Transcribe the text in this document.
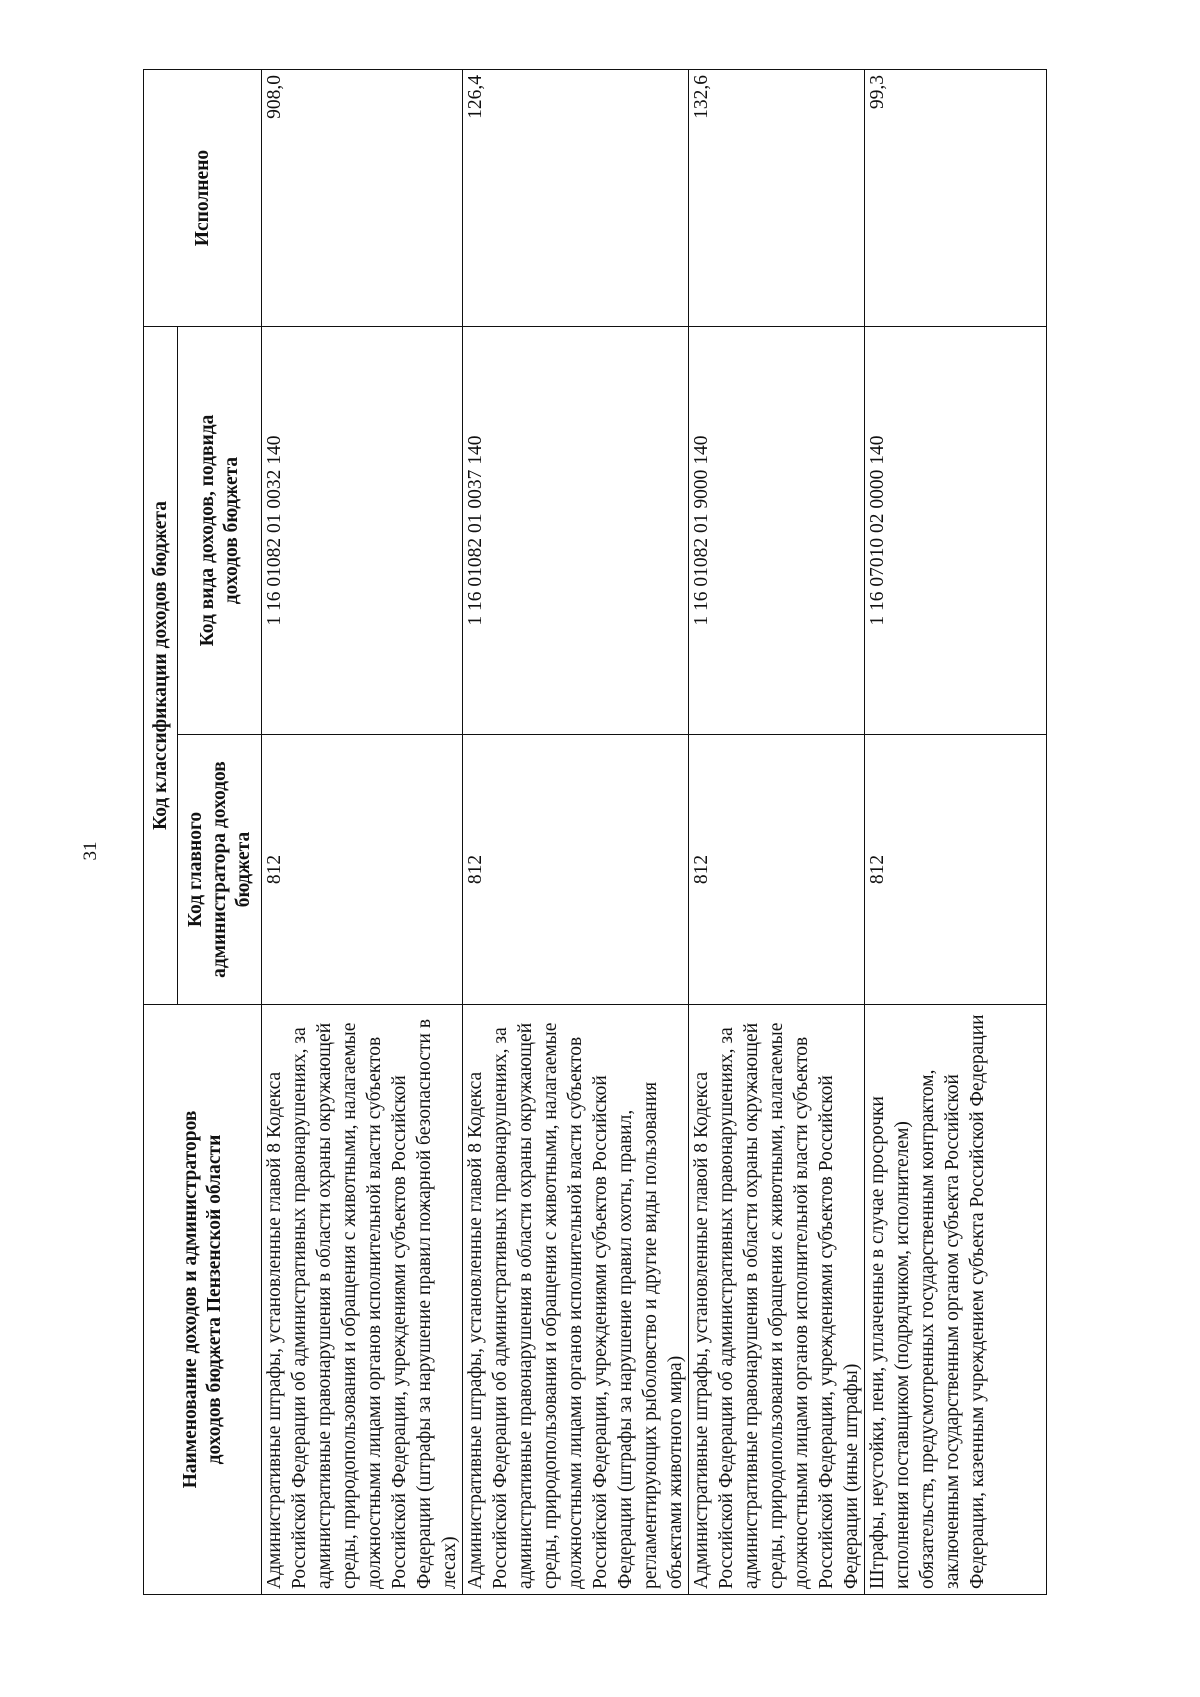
31
Наименование доходов и администраторов доходов бюджета Пензенской области	Код классификации доходов бюджета		Исполнено
	Код главного администратора доходов бюджета	Код вида доходов, подвида доходов бюджета	
Административные штрафы, установленные главой 8 Кодекса Российской Федерации об административных правонарушениях, за административные правонарушения в области охраны окружающей среды, природопользования и обращения с животными, налагаемые должностными лицами органов исполнительной власти субъектов Российской Федерации, учреждениями субъектов Российской Федерации (штрафы за нарушение правил пожарной безопасности в лесах)	812	1 16 01082 01 0032 140	908,0
Административные штрафы, установленные главой 8 Кодекса Российской Федерации об административных правонарушениях, за административные правонарушения в области охраны окружающей среды, природопользования и обращения с животными, налагаемые должностными лицами органов исполнительной власти субъектов Российской Федерации, учреждениями субъектов Российской Федерации (штрафы за нарушение правил охоты, правил, регламентирующих рыболовство и другие виды пользования объектами животного мира)	812	1 16 01082 01 0037 140	126,4
Административные штрафы, установленные главой 8 Кодекса Российской Федерации об административных правонарушениях, за административные правонарушения в области охраны окружающей среды, природопользования и обращения с животными, налагаемые должностными лицами органов исполнительной власти субъектов Российской Федерации, учреждениями субъектов Российской Федерации (иные штрафы)	812	1 16 01082 01 9000 140	132,6
Штрафы, неустойки, пени, уплаченные в случае просрочки исполнения поставщиком (подрядчиком, исполнителем) обязательств, предусмотренных государственным контрактом, заключенным государственным органом субъекта Российской Федерации, казенным учреждением субъекта Российской Федерации	812	1 16 07010 02 0000 140	99,3
